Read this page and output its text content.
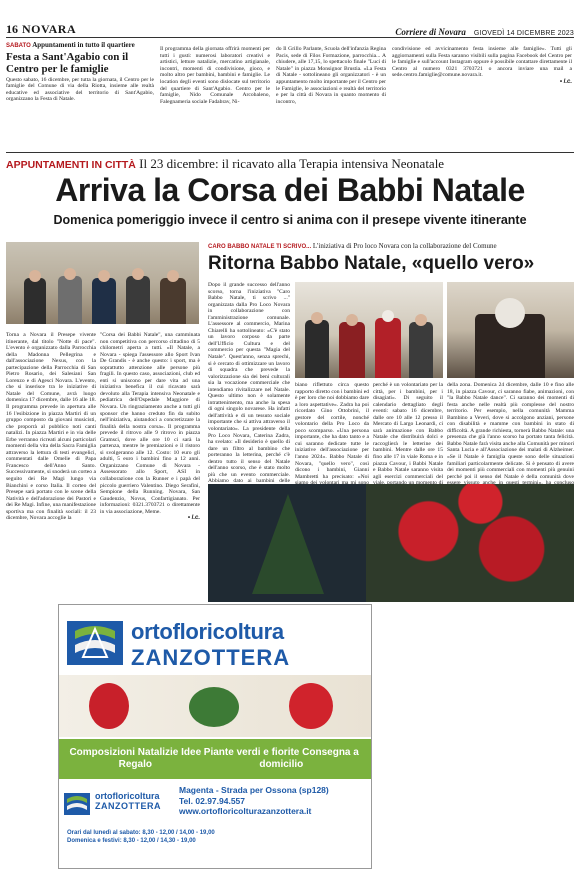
16 NOVARA	Corriere di Novara GIOVEDÌ 14 DICEMBRE 2023
SABATO Appuntamenti in tutto il quartiere
Festa a Sant'Agabio con il Centro per le famiglie

Questo sabato, 16 dicembre, per tutta la giornata, il Centro per le famiglie del Comune di via della Riotta, insieme alle realtà educative ed associative del territorio di Sant'Agabio, organizzano la Festa di Natale.

Il programma della giornata offrirà momenti per tutti i gusti: numerosi laboratori creativi e artistici, letture natalizie, mercatino artigianale, incontri, momenti di condivisione, gioco, e molto altro per bambini, bambini e famiglie. Le location degli eventi sono dislocate sul territorio del quartiere di Sant'Agabio. Centro per le famiglie, Nido Comunale Arcobaleno, Falegnameria sociale Fadabrav, Ni-
do Il Grillo Parlante, Scuola dell'infanzia Regina Pacis, sede di Filos Formazione, parrocchia... A chiudere, alle 17,15, lo spettacolo finale "Luci di Natale" in piazza Monsignor Brustia. «La Festa di Natale - sottolineano gli organizzatori - è un appuntamento molto importante per il Centro per le Famiglie, le associazioni e realtà del territorio e per la città di Novara in quanto momento di incontro,

condivisione ed avvicinamento festa insieme alle famiglie». Tutti gli aggiornamenti sulla Festa saranno visibili sulla pagina Facebook del Centro per le famiglie e sull'account Instagram oppure è possibile contattare direttamente il Centro al numero 0321 3703721 o ancora inviare una mail a sede.centro.famiglie@comune.novara.it.

• l.c.

APPUNTAMENTI IN CITTÀ Il 23 dicembre: il ricavato alla Terapia intensiva Neonatale
Arriva la Corsa dei Babbi Natale
Domenica pomeriggio invece il centro si anima con il presepe vivente itinerante
Torna a Novara il Presepe vivente itinerante, dal titolo "Notte di pace". L'evento è organizzato dalla Parrocchia della Madonna Pellegrina e dall'associazione Nexus, con la partecipazione della Parrocchia di San Pietro Rosario, dei Salesiani San Lorenzo e di Agesci Novara. L'evento, che si inserisce tra le iniziative di Natale del Comune, avrà luogo domenica 17 dicembre, dalle 16 alle 18. Il programma prevede in apertura alle 16 l'esibizione in piazza Martiri di un gruppo composto da giovani musicisti, che proporrà al pubblico noti canti natalizi. In piazza Martiri e in via delle Erbe verranno ricreati alcuni particolari momenti della vita della Sacra Famiglia attraverso la lettura di testi evangelici, commentati dalle Omelie di Papa Francesco dell'Anno Santo. Successivamente, si snoderà un corteo a seguito dei Re Magi lungo via Bianchini e corso Italia. Il corteo del Presepe sarà portato con le scene della Natività e dell'adorazione dei Pastori e dei Re Magi. Infine, una manifestazione sportiva ma con finalità sociali: il 23 dicembre, Novara accoglie la

"Corsa dei Babbi Natale", una camminata non competitiva con percorso cittadino di 5 chilometri aperta a tutti. «Il Natale, a Novara - spiega l'assessore allo Sport Ivan De Grandis - è anche questo: i sport, ma è soprattutto attenzione alle persone più fragili. In questo caso, associazioni, club ed enti si uniscono per dare vita ad una iniziativa benefica il cui ricavato sarà devoluto alla Terapia intensiva Neonatale e pediatrica dell'Ospedale Maggiore di Novara. Un ringraziamento anche a tutti gli sponsor che hanno creduto fin da subito nell'iniziativa, aiutandoci a concretizzare la finalità della nostra corsa». Il programma prevede il ritrovo alle 9 ritrovo in piazza Gramsci, dove alle ore 10 ci sarà la partenza, mentre le premiazioni e il ristoro si svolgeranno alle 12. Costo: 10 euro gli adulti, 5 euro i bambini fino a 12 anni. Organizzano Comune di Novara - Assessorato allo Sport, ASI in collaborazione con la Runner e i papà del piccolo guerriero Valentino. Diego Serafini, Sempione della Running. Novara, San Gaudenzio, Novus, Confartigianato. Per informazioni: 0321.3703721 o direttamente in via associazione, Meme.

• l.c.

CARO BABBO NATALE TI SCRIVO... L'iniziativa di Pro loco Novara con la collaborazione del Comune
Ritorna Babbo Natale, «quello vero»
Dopo il grande successo dell'anno scorso, torna l'iniziativa "Caro Babbo Natale, ti scrivo ..." organizzata dalla Pro Loco Novara in collaborazione con l'amministrazione comunale. L'assessore al commercio, Marina Chiarelli ha sottolineato: «C'è stato un lavoro corposo da parte dell'Ufficio Cultura e del commercio per questa "Magia del Natale". Quest'anno, senza sprechi, si è cercato di ottimizzare un lavoro di squadra che prevede la valorizzazione sia dei beni culturali sia la vocazione commerciale che intendiamo rivitalizzare nel Natale. Questo ultimo non è solamente intrattenimento, ma anche la spesa di ogni singolo novarese. Ha infatti dell'attività e di un tessuto sociale importante che si attiva attraverso il volontariato». La presidente della Pro Loco Novara, Caterina Zadra, ha svelato: «Il desiderio è quello di dare un filtro al bambino che porteranno la letterina, perché c'è dentro tutto il senso del Natale dell'anno scorso, che è stato molto più che un evento commerciale. Abbiamo dato ai bambini delle
biano riflettuto circa questo rapporto diretto con i bambini ed è per loro che noi dobbiamo dare a loro aspettative». Zadra ha poi ricordato Gino Ottobrini, il gestore del cortile, nonché volontario della Pro Loco da poco scomparso. «Una persona importante, che ha dato tanto e a cui saranno dedicate tutte le iniziative dell'associazione per l'anno 2024». Babbo Natale di Novara, "quello vero", così dicono i bambini, Gianni Mambretti ha precisato: «Noi
perché è un volontariato per la città, per i bambini, per i disagiati». Di seguito il calendario dettagliato degli eventi: sabato 16 dicembre, dalle ore 10 alle 12 presso il Mercato di Largo Leonardi, ci sarà animazione con Babbo Natale che distribuirà dolci e raccoglierà le letterine dei bambini. Mentre dalle ore 15 fino alle 17 in viale Roma e in piazza Cavour, i Babbi Natale e Babbo Natale saranno visita agli esercizi commerciali del

della zona. Domenica 24 dicembre, dalle 10 e fino alle 18, in piazza Cavour, ci saranno fiabe, animazioni, con "la Babbo Natale dance". Ci saranno dei momenti di festa anche nelle realtà più complesse del nostro territorio. Per esempio, nella comunità Mamma Bambino a Veveri, dove si accolgono anziani, persone con disabilità e mamme con bambini in stato di difficoltà. A grande richiesta, tornerà Babbo Natale: una presenza che già l'anno scorso ha portato tanta felicità. Babbo Natale farà visita anche alla Comunità per minori Santa Lucia e all'Associazione dei malati di Alzheimer. «Se il Natale è famiglia queste sono delle situazioni familiari particolarmente delicate. Si è pensato di avere dei momenti più commerciali con momenti più genuini perché poi il senso del Natale è della comunità dove

ortofloricoltura
ZANZOTTERA
Composizioni Natalizie Idee Regalo
Piante verdi e fiorite Consegna a domicilio
ortofloricoltura
ZANZOTTERA
Magenta - Strada per Ossona (sp128)
Tel. 02.97.94.557
www.ortofloricolturazanzottera.it
Orari dal lunedì al sabato: 8,30 - 12,00 / 14,00 - 19,00
Domenica e festivi: 8,30 - 12,00 / 14,30 - 19,00
